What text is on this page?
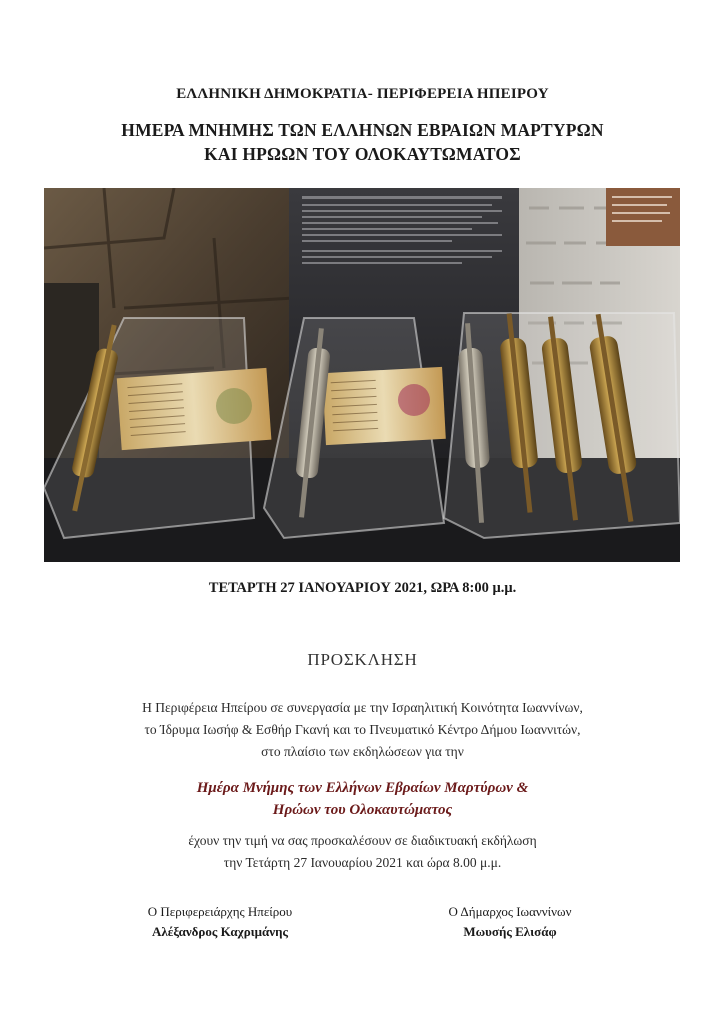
ΕΛΛΗΝΙΚΗ ΔΗΜΟΚΡΑΤΙΑ- ΠΕΡΙΦΕΡΕΙΑ ΗΠΕΙΡΟΥ
ΗΜΕΡΑ ΜΝΗΜΗΣ ΤΩΝ ΕΛΛΗΝΩΝ ΕΒΡΑΙΩΝ ΜΑΡΤΥΡΩΝ
ΚΑΙ ΗΡΩΩΝ ΤΟΥ ΟΛΟΚΑΥΤΩΜΑΤΟΣ
ΤΕΤΑΡΤΗ 27 ΙΑΝΟΥΑΡΙΟΥ 2021, ΩΡΑ 8:00 μ.μ.
ΠΡΟΣΚΛΗΣΗ
Η Περιφέρεια Ηπείρου σε συνεργασία με την Ισραηλιτική Κοινότητα Ιωαννίνων,
το Ίδρυμα Ιωσήφ & Εσθήρ Γκανή και το Πνευματικό Κέντρο Δήμου Ιωαννιτών,
στο πλαίσιο των εκδηλώσεων για την
Ημέρα Μνήμης των Ελλήνων Εβραίων Μαρτύρων &
Ηρώων του Ολοκαυτώματος
έχουν την τιμή να σας προσκαλέσουν σε διαδικτυακή εκδήλωση
την Τετάρτη 27 Ιανουαρίου 2021 και ώρα 8.00 μ.μ.
Ο Περιφερειάρχης Ηπείρου
Αλέξανδρος Καχριμάνης
Ο Δήμαρχος Ιωαννίνων
Μωυσής Ελισάφ
